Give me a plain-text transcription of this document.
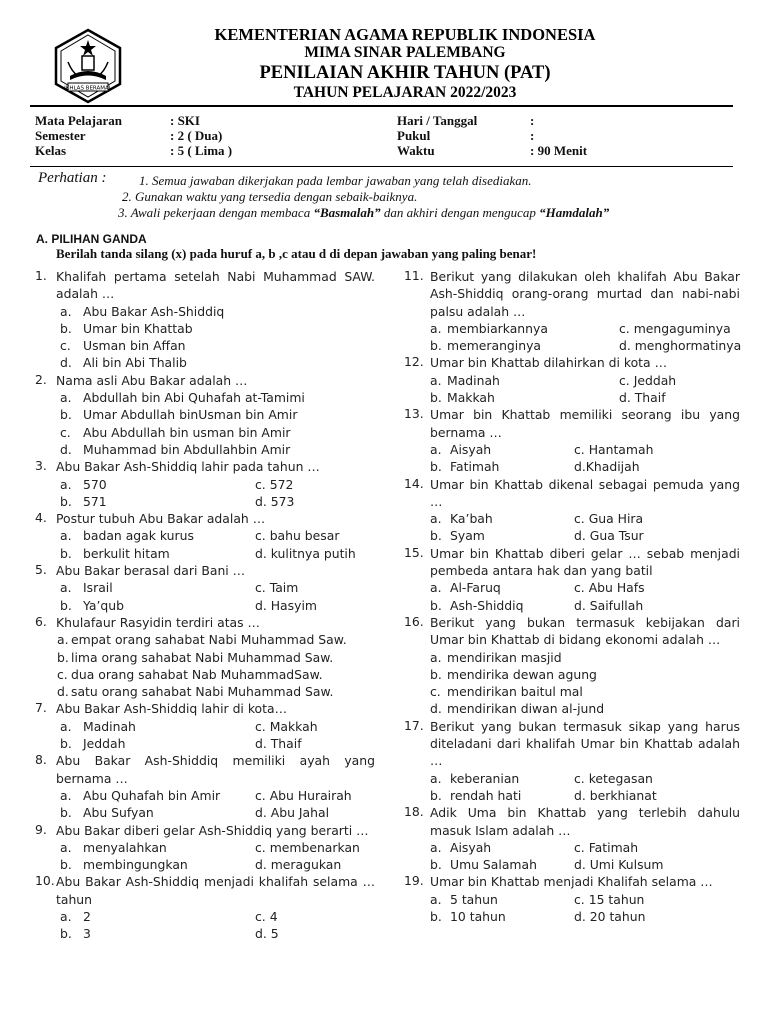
IKHLAS BERAMAL
KEMENTERIAN AGAMA REPUBLIK INDONESIA
MIMA SINAR PALEMBANG
PENILAIAN AKHIR TAHUN (PAT)
TAHUN PELAJARAN 2022/2023
Mata Pelajaran	: SKI	Hari / Tanggal	:
Semester	: 2 ( Dua)	Pukul	:
Kelas	: 5 ( Lima )	Waktu	: 90 Menit
Perhatian :	1. Semua jawaban dikerjakan pada lembar jawaban yang telah disediakan.
2. Gunakan waktu yang tersedia dengan sebaik-baiknya.
3. Awali pekerjaan dengan membaca “Basmalah” dan akhiri dengan mengucap “Hamdalah”
A. PILIHAN GANDA
Berilah tanda silang (x) pada huruf a, b ,c atau d di depan jawaban yang paling benar!
1. Khalifah pertama setelah Nabi Muhammad SAW. adalah …
a. Abu Bakar Ash-Shiddiq
b. Umar bin Khattab
c. Usman bin Affan
d. Ali bin Abi Thalib
2. Nama asli Abu Bakar adalah …
a. Abdullah bin Abi Quhafah at-Tamimi
b. Umar Abdullah binUsman bin Amir
c. Abu Abdullah bin usman bin Amir
d. Muhammad bin Abdullahbin Amir
3. Abu Bakar Ash-Shiddiq lahir pada tahun …
a. 570	c. 572
b. 571	d. 573
4. Postur tubuh Abu Bakar adalah …
a. badan agak kurus	c. bahu besar
b. berkulit hitam	d. kulitnya putih
5. Abu Bakar berasal dari Bani …
a. Israil	c. Taim
b. Ya’qub	d. Hasyim
6. Khulafaur Rasyidin terdiri atas …
a. empat orang sahabat Nabi Muhammad Saw.
b. lima orang sahabat Nabi Muhammad Saw.
c. dua orang sahabat Nab MuhammadSaw.
d. satu orang sahabat Nabi Muhammad Saw.
7. Abu Bakar Ash-Shiddiq lahir di kota…
a. Madinah	c. Makkah
b. Jeddah	d. Thaif
8. Abu Bakar Ash-Shiddiq memiliki ayah yang bernama …
a. Abu Quhafah bin Amir	c. Abu Hurairah
b. Abu Sufyan	d. Abu Jahal
9. Abu Bakar diberi gelar Ash-Shiddiq yang berarti …
a. menyalahkan	c. membenarkan
b. membingungkan	d. meragukan
10. Abu Bakar Ash-Shiddiq menjadi khalifah selama … tahun
a. 2	c. 4
b. 3	d. 5
11. Berikut yang dilakukan oleh khalifah Abu Bakar Ash-Shiddiq orang-orang murtad dan nabi-nabi palsu adalah …
a. membiarkannya	c. mengaguminya
b. memeranginya	d. menghormatinya
12. Umar bin Khattab dilahirkan di kota …
a. Madinah	c. Jeddah
b. Makkah	d. Thaif
13. Umar bin Khattab memiliki seorang ibu yang bernama …
a. Aisyah	c. Hantamah
b. Fatimah	d.Khadijah
14. Umar bin Khattab dikenal sebagai pemuda yang …
a. Ka’bah	c. Gua Hira
b. Syam	d. Gua Tsur
15. Umar bin Khattab diberi gelar … sebab menjadi pembeda antara hak dan yang batil
a. Al-Faruq	c. Abu Hafs
b. Ash-Shiddiq	d. Saifullah
16. Berikut yang bukan termasuk kebijakan dari Umar bin Khattab di bidang ekonomi adalah …
a. mendirikan masjid
b. mendirika dewan agung
c. mendirikan baitul mal
d. mendirikan diwan al-jund
17. Berikut yang bukan termasuk sikap yang harus diteladani dari khalifah Umar bin Khattab adalah …
a. keberanian	c. ketegasan
b. rendah hati	d. berkhianat
18. Adik Uma bin Khattab yang terlebih dahulu masuk Islam adalah …
a. Aisyah	c. Fatimah
b. Umu Salamah	d. Umi Kulsum
19. Umar bin Khattab menjadi Khalifah selama …
a. 5 tahun	c. 15 tahun
b. 10 tahun	d. 20 tahun
